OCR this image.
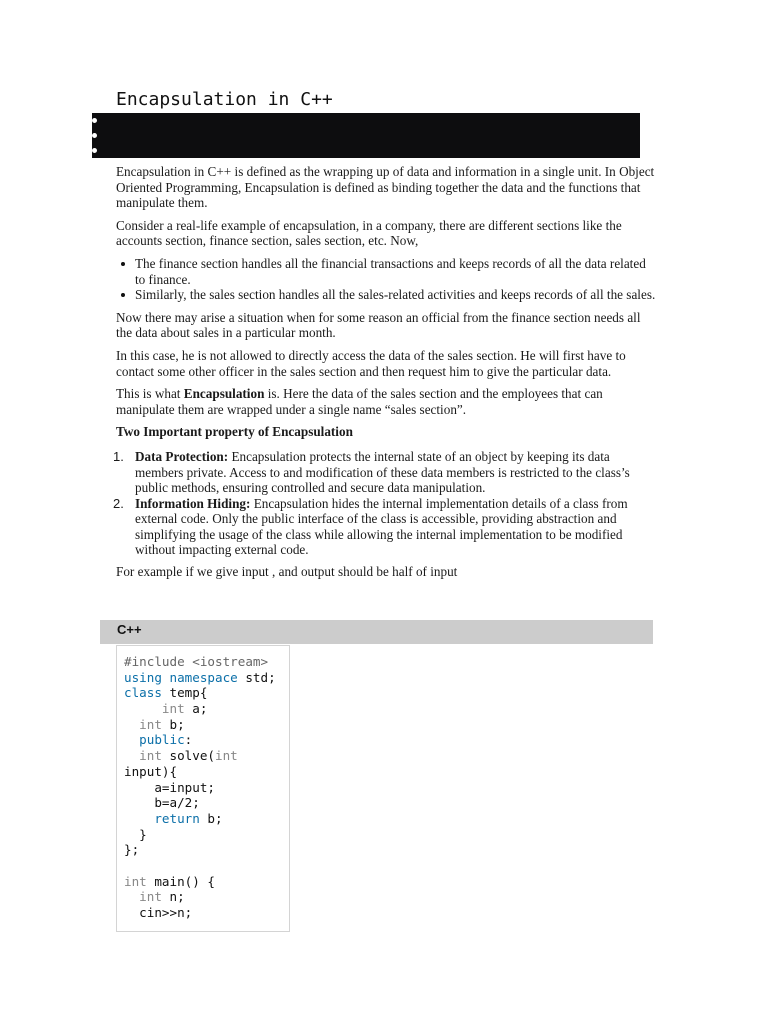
Encapsulation in C++

Encapsulation in C++ is defined as the wrapping up of data and information in a single unit. In Object Oriented Programming, Encapsulation is defined as binding together the data and the functions that manipulate them.

Consider a real-life example of encapsulation, in a company, there are different sections like the accounts section, finance section, sales section, etc. Now,

The finance section handles all the financial transactions and keeps records of all the data related to finance.
Similarly, the sales section handles all the sales-related activities and keeps records of all the sales.

Now there may arise a situation when for some reason an official from the finance section needs all the data about sales in a particular month.

In this case, he is not allowed to directly access the data of the sales section. He will first have to contact some other officer in the sales section and then request him to give the particular data.

This is what Encapsulation is. Here the data of the sales section and the employees that can manipulate them are wrapped under a single name “sales section”.

Two Important property of Encapsulation

Data Protection: Encapsulation protects the internal state of an object by keeping its data members private. Access to and modification of these data members is restricted to the class’s public methods, ensuring controlled and secure data manipulation.
Information Hiding: Encapsulation hides the internal implementation details of a class from external code. Only the public interface of the class is accessible, providing abstraction and simplifying the usage of the class while allowing the internal implementation to be modified without impacting external code.

For example if we give input , and output should be half of input

C++
#include <iostream>
using namespace std;
class temp{
int a;
int b;
public:
int solve(int
input){
a=input;
b=a/2;
return b;
}
};

int main() {
int n;
cin>>n;
